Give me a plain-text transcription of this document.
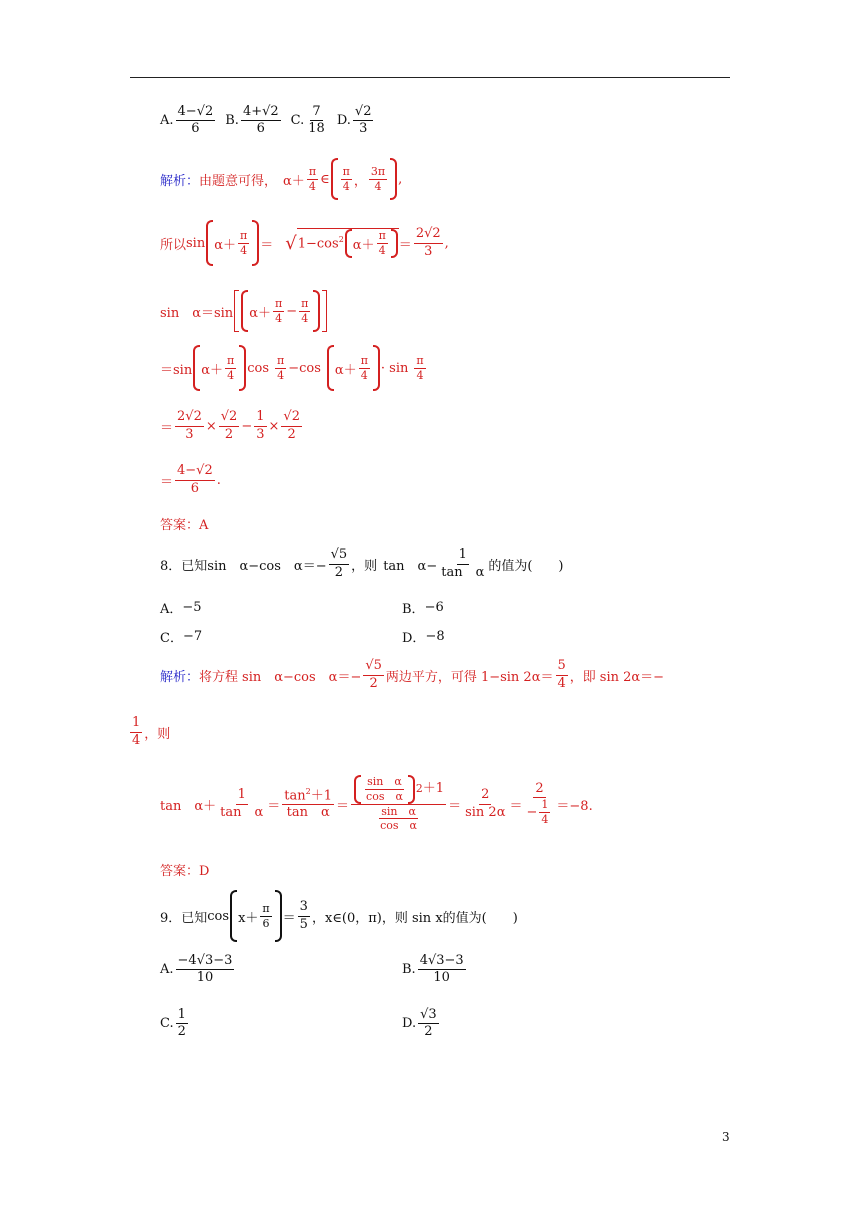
A. $\frac{4-√2}{6} B$. $\frac{4+√2}{6} C$. $\frac{7}{18} D$. $\frac{√2}{3}$
解析： 由题意可得， $\alpha+ \frac{\pi}{4}$ ∈ $\frac{\pi}{4}$ ， $\frac{3\pi}{4}$ ,
所以 $\sin \alpha+ \frac{\pi}{4}$ ＝ √ $1-\cos^2$ $\alpha+ \frac{\pi}{4} = \frac{2√2}{3}$ ,
sin　α＝sin $\alpha+ \frac{\pi}{4} - \frac{\pi}{4}$
＝sin $\alpha+ \frac{\pi}{4}$ $\cos \frac{\pi}{4} -\cos$ $\alpha+ \frac{\pi}{4} \cdot \sin \frac{\pi}{4}$
＝ $\frac{2√2}{3} \times \frac{√2}{2} - \frac{1}{3} \times \frac{√2}{2}$
＝ $\frac{4-√2}{6}$ .
答案：A
8．已知 sin　α−cos　$\alpha=- \frac{√5}{2}$ ，则 tan　$\alpha- \frac{1}{\text{tan　α}}$ 的值为(　　)
A． −5	B． −6
C． −7	D． −8
解析： 将方程 sin　α−cos　$\alpha=- \frac{√5}{2}$ 两边平方，可得 1−sin $2\alpha= \frac{5}{4}$ ，即 sin 2α＝−
$\frac{1}{4}$ ，则
tan　$\alpha+ \frac{1}{\text{tan　α}} = \frac{\tan^2+1}{\text{tan　α}} = \frac{\frac{\text{sin　α}}{\text{cos　α}} 2 +1}{\frac{\text{sin　α}}{\text{cos　α}}} = \frac{2}{\sin 2\alpha} = \frac{2}{- \frac{1}{4}} =-8$.
答案：D
9．已知 $\cos x+ \frac{\pi}{6} = \frac{3}{5}$ ，x∈(0，π)，则 sin x 的值为(　　)
A. $\frac{-4√3-3}{10}$	B. $\frac{4√3-3}{10}$
C. $\frac{1}{2}$	D. $\frac{√3}{2}$
3
